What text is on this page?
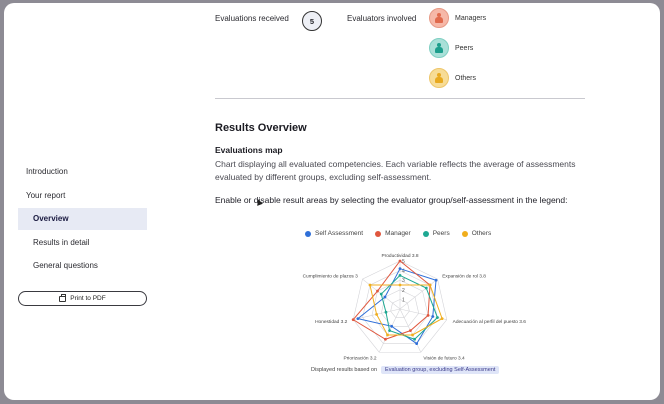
Introduction
Your report
Overview
Results in detail
General questions
Print to PDF
Evaluations received	5	Evaluators involved	Managers
Peers
Others
Results Overview
Evaluations map

Chart displaying all evaluated competencies. Each variable reflects the average of assessments evaluated by different groups, excluding self-assessment.

Enable or disable result areas by selecting the evaluator group/self-assessment in the legend:

Self Assessment	Manager	Peers	Others
1
2
3
4
5
Productividad 3.8
Expansión de rol 3.8
Adecuación al perfil del puesto 3.6
Visión de futuro 3.4
Priorización 3.2
Honestidad 3.2
Cumplimiento de plazos 3
Displayed results based on	Evaluation group, excluding Self-Assessment
